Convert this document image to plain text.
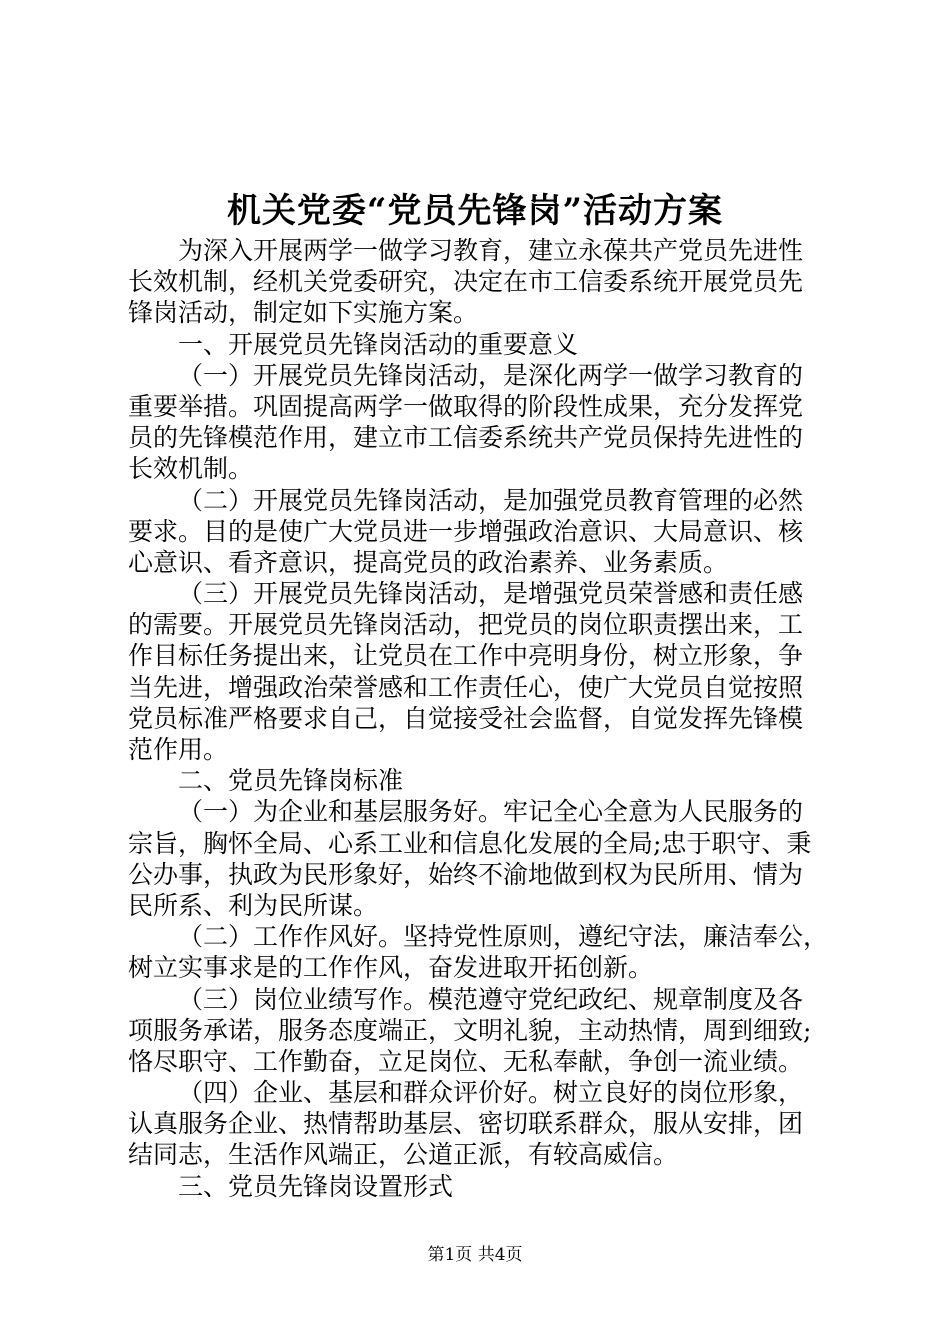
机关党委“党员先锋岗”活动方案
为深入开展两学一做学习教育，建立永葆共产党员先进性
长效机制，经机关党委研究，决定在市工信委系统开展党员先
锋岗活动，制定如下实施方案。
一、开展党员先锋岗活动的重要意义
（一）开展党员先锋岗活动，是深化两学一做学习教育的
重要举措。巩固提高两学一做取得的阶段性成果，充分发挥党
员的先锋模范作用，建立市工信委系统共产党员保持先进性的
长效机制。
（二）开展党员先锋岗活动，是加强党员教育管理的必然
要求。目的是使广大党员进一步增强政治意识、大局意识、核
心意识、看齐意识，提高党员的政治素养、业务素质。
（三）开展党员先锋岗活动，是增强党员荣誉感和责任感
的需要。开展党员先锋岗活动，把党员的岗位职责摆出来，工
作目标任务提出来，让党员在工作中亮明身份，树立形象，争
当先进，增强政治荣誉感和工作责任心，使广大党员自觉按照
党员标准严格要求自己，自觉接受社会监督，自觉发挥先锋模
范作用。
二、党员先锋岗标准
（一）为企业和基层服务好。牢记全心全意为人民服务的
宗旨，胸怀全局、心系工业和信息化发展的全局;忠于职守、秉
公办事，执政为民形象好，始终不渝地做到权为民所用、情为
民所系、利为民所谋。
（二）工作作风好。坚持党性原则，遵纪守法，廉洁奉公，
树立实事求是的工作作风，奋发进取开拓创新。
（三）岗位业绩写作。模范遵守党纪政纪、规章制度及各
项服务承诺，服务态度端正，文明礼貌，主动热情，周到细致;
恪尽职守、工作勤奋，立足岗位、无私奉献，争创一流业绩。
（四）企业、基层和群众评价好。树立良好的岗位形象，
认真服务企业、热情帮助基层、密切联系群众，服从安排，团
结同志，生活作风端正，公道正派，有较高威信。
三、党员先锋岗设置形式
第1页 共4页
